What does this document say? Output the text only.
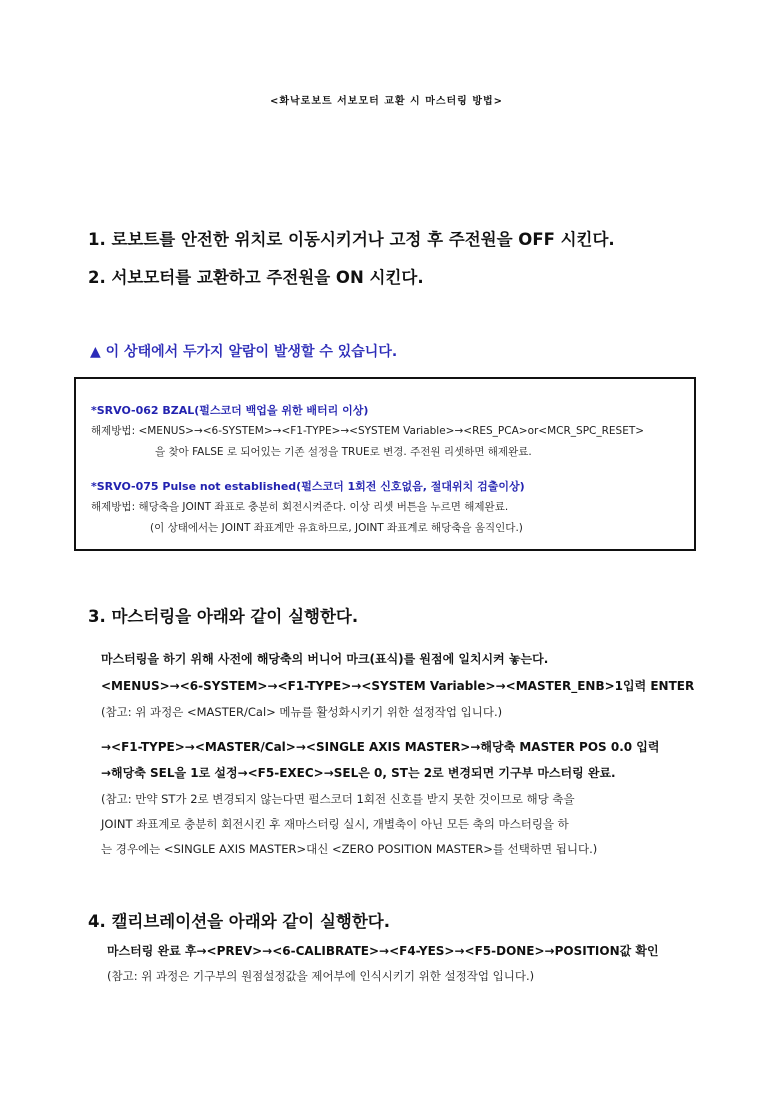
<화낙로보트 서보모터 교환 시 마스터링 방법>
1. 로보트를 안전한 위치로 이동시키거나 고정 후 주전원을 OFF 시킨다.
2. 서보모터를 교환하고 주전원을 ON 시킨다.
▲ 이 상태에서 두가지 알람이 발생할 수 있습니다.
*SRVO-062 BZAL(펄스코더 백업을 위한 배터리 이상)
해제방법: <MENUS>→<6-SYSTEM>→<F1-TYPE>→<SYSTEM Variable>→<RES_PCA>or<MCR_SPC_RESET>
을 찾아 FALSE 로 되어있는 기존 설정을 TRUE로 변경. 주전원 리셋하면 해제완료.
*SRVO-075 Pulse not established(펄스코더 1회전 신호없음, 절대위치 검출이상)
해제방법: 해당축을 JOINT 좌표로 충분히 회전시켜준다. 이상 리셋 버튼을 누르면 해제완료.
(이 상태에서는 JOINT 좌표계만 유효하므로, JOINT 좌표계로 해당축을 움직인다.)
3. 마스터링을 아래와 같이 실행한다.
마스터링을 하기 위해 사전에 해당축의 버니어 마크(표식)를 원점에 일치시켜 놓는다.
<MENUS>→<6-SYSTEM>→<F1-TYPE>→<SYSTEM Variable>→<MASTER_ENB>1입력 ENTER
(참고: 위 과정은 <MASTER/Cal> 메뉴를 활성화시키기 위한 설정작업 입니다.)
→<F1-TYPE>→<MASTER/Cal>→<SINGLE AXIS MASTER>→해당축 MASTER POS 0.0 입력
→해당축 SEL을 1로 설정→<F5-EXEC>→SEL은 0, ST는 2로 변경되면 기구부 마스터링 완료.
(참고: 만약 ST가 2로 변경되지 않는다면 펄스코더 1회전 신호를 받지 못한 것이므로 해당 축을
JOINT 좌표계로 충분히 회전시킨 후 재마스터링 실시, 개별축이 아닌 모든 축의 마스터링을 하
는 경우에는 <SINGLE AXIS MASTER>대신 <ZERO POSITION MASTER>를 선택하면 됩니다.)
4. 캘리브레이션을 아래와 같이 실행한다.
마스터링 완료 후→<PREV>→<6-CALIBRATE>→<F4-YES>→<F5-DONE>→POSITION값 확인
(참고: 위 과정은 기구부의 원점설정값을 제어부에 인식시키기 위한 설정작업 입니다.)
